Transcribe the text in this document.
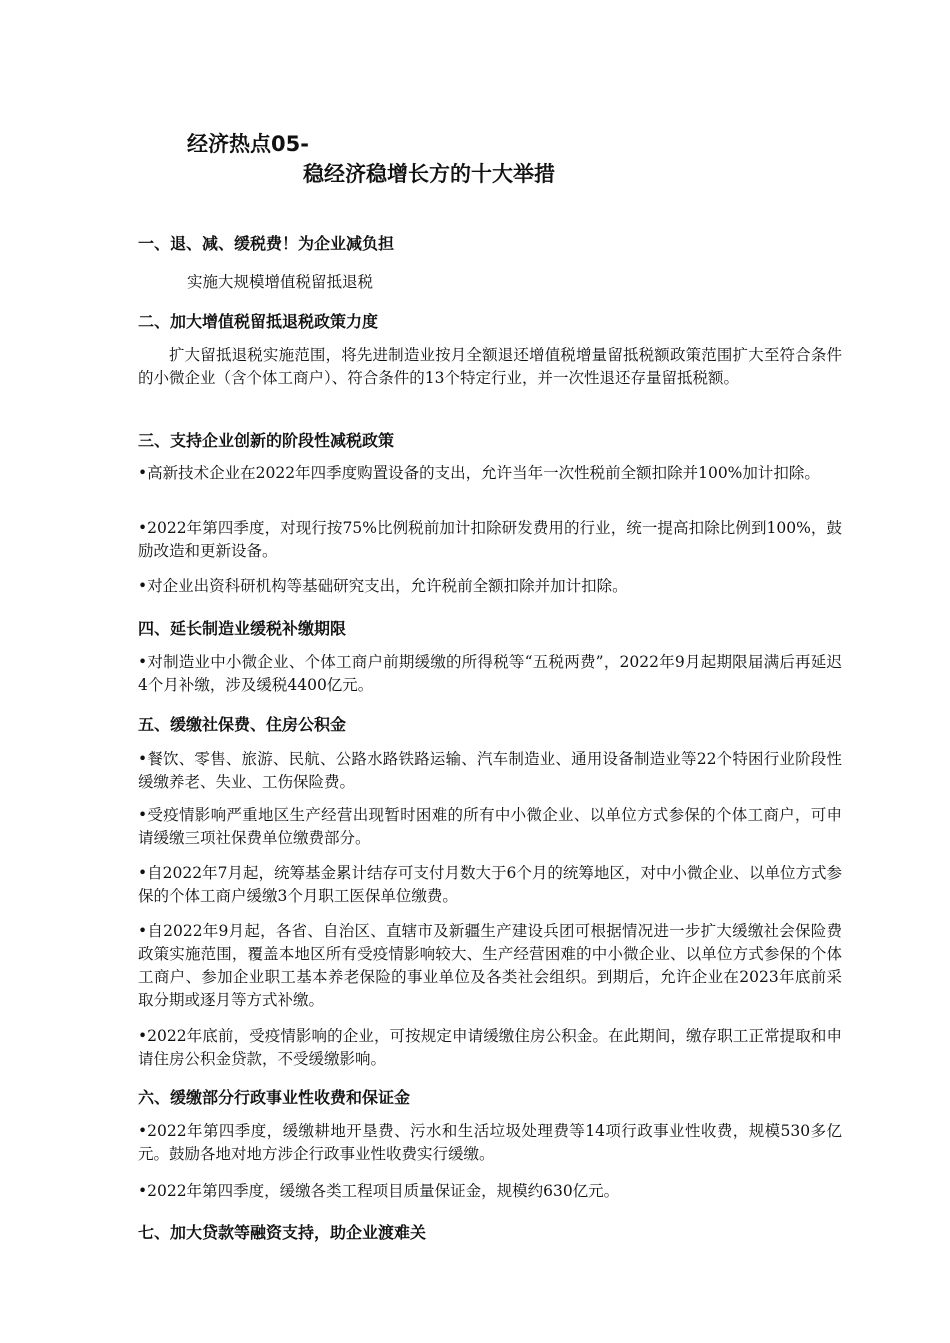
经济热点05-
稳经济稳增长方的十大举措
一、退、减、缓税费！为企业减负担
实施大规模增值税留抵退税
二、加大增值税留抵退税政策力度
扩大留抵退税实施范围，将先进制造业按月全额退还增值税增量留抵税额政策范围扩大至符合条件的小微企业（含个体工商户）、符合条件的13个特定行业，并一次性退还存量留抵税额。
三、支持企业创新的阶段性减税政策
•高新技术企业在2022年四季度购置设备的支出，允许当年一次性税前全额扣除并100%加计扣除。
•2022年第四季度，对现行按75%比例税前加计扣除研发费用的行业，统一提高扣除比例到100%，鼓励改造和更新设备。
•对企业出资科研机构等基础研究支出，允许税前全额扣除并加计扣除。
四、延长制造业缓税补缴期限
•对制造业中小微企业、个体工商户前期缓缴的所得税等“五税两费”，2022年9月起期限届满后再延迟4个月补缴，涉及缓税4400亿元。
五、缓缴社保费、住房公积金
•餐饮、零售、旅游、民航、公路水路铁路运输、汽车制造业、通用设备制造业等22个特困行业阶段性缓缴养老、失业、工伤保险费。
•受疫情影响严重地区生产经营出现暂时困难的所有中小微企业、以单位方式参保的个体工商户，可申请缓缴三项社保费单位缴费部分。
•自2022年7月起，统筹基金累计结存可支付月数大于6个月的统筹地区，对中小微企业、以单位方式参保的个体工商户缓缴3个月职工医保单位缴费。
•自2022年9月起，各省、自治区、直辖市及新疆生产建设兵团可根据情况进一步扩大缓缴社会保险费政策实施范围，覆盖本地区所有受疫情影响较大、生产经营困难的中小微企业、以单位方式参保的个体工商户、参加企业职工基本养老保险的事业单位及各类社会组织。到期后，允许企业在2023年底前采取分期或逐月等方式补缴。
•2022年底前，受疫情影响的企业，可按规定申请缓缴住房公积金。在此期间，缴存职工正常提取和申请住房公积金贷款，不受缓缴影响。
六、缓缴部分行政事业性收费和保证金
•2022年第四季度，缓缴耕地开垦费、污水和生活垃圾处理费等14项行政事业性收费，规模530多亿元。鼓励各地对地方涉企行政事业性收费实行缓缴。
•2022年第四季度，缓缴各类工程项目质量保证金，规模约630亿元。
七、加大贷款等融资支持，助企业渡难关
